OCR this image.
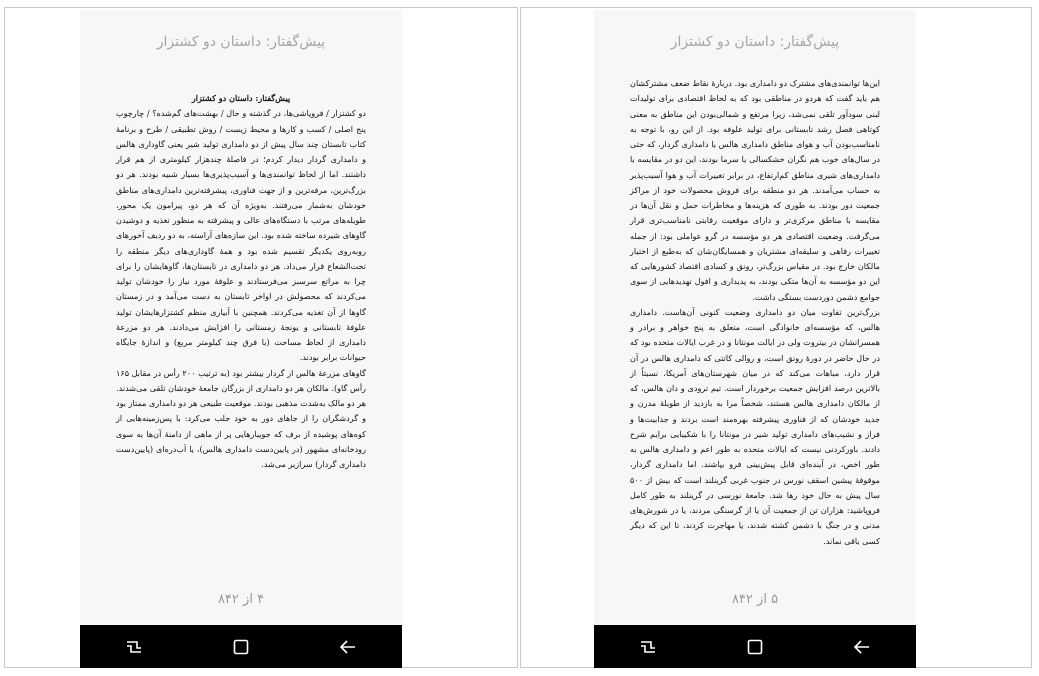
پیش‌گفتار: داستان دو کشتزار
پیش‌گفتار: داستان دو کشتزار

دو کشتزار / فروپاشی‌ها، در گذشته و حال / بهشت‌های گم‌شده؟ / چارچوب پنج اصلی / کسب و کارها و محیط زیست / روش تطبیقی / طرح و برنامهٔ کتاب تابستان چند سال پیش از دو دامداری تولید شیر یعنی گاوداری هالس و دامداری گردار دیدار کردم؛ در فاصلهٔ چندهزار کیلومتری از هم قرار داشتند. اما از لحاظ توانمندی‌ها و آسیب‌پذیری‌ها بسیار شبیه بودند. هر دو بزرگ‌ترین، مرفه‌ترین و از جهت فناوری، پیشرفته‌ترین دامداری‌های مناطق خودشان به‌شمار می‌رفتند. به‌ویژه آن که هر دو، پیرامون یک محور، طویله‌های مرتب با دستگاه‌های عالی و پیشرفته به منظور تغذیه و دوشیدن گاوهای شیرده ساخته شده بود. این سازه‌های آراسته، به دو ردیف آخورهای روبه‌روی یکدیگر تقسیم شده بود و همهٔ گاوداری‌های دیگر منطقه را تحت‌الشعاع قرار می‌داد. هر دو دامداری در تابستان‌ها، گاوهایشان را برای چرا به مراتع سرسبز می‌فرستادند و علوفهٔ مورد نیاز را خودشان تولید می‌کردند که محصولش در اواخر تابستان به دست می‌آمد و در زمستان گاوها از آن تغذیه می‌کردند. همچنین با آبیاری منظم کشتزارهایشان تولید علوفهٔ تابستانی و یونجهٔ زمستانی را افزایش می‌دادند. هر دو مزرعهٔ دامداری از لحاظ مساحت (با فرق چند کیلومتر مربع) و اندازهٔ جایگاه حیوانات برابر بودند.

گاوهای مزرعهٔ هالس از گردار بیشتر بود (به ترتیب ۲۰۰ رأس در مقابل ۱۶۵ رأس گاو). مالکان هر دو دامداری از بزرگان جامعهٔ خودشان تلقی می‌شدند. هر دو مالک به‌شدت مذهبی بودند. موقعیت طبیعی هر دو دامداری ممتاز بود و گردشگران را از جاهای دور به خود جلب می‌کرد: با پس‌زمینه‌هایی از کوه‌های پوشیده از برف که جویبارهایی پر از ماهی از دامنهٔ آن‌ها به سوی رودخانه‌ای مشهور (در پایین‌دست دامداری هالس)، یا آب‌دره‌ای (پایین‌دست دامداری گردار) سرازیر می‌شد.

۴ از ۸۴۲
پیش‌گفتار: داستان دو کشتزار

این‌ها توانمندی‌های مشترک دو دامداری بود. دربارهٔ نقاط ضعف مشترکشان هم باید گفت که هردو در مناطقی بود که به لحاظ اقتصادی برای تولیدات لبنی سودآور تلقی نمی‌شد، زیرا مرتفع و شمالی‌بودن این مناطق به معنی کوتاهی فصل رشد تابستانی برای تولید علوفه بود. از این رو، با توجه به نامناسب‌بودن آب و هوای مناطق دامداری هالس یا دامداری گردار، که حتی در سال‌های خوب هم نگران خشکسالی یا سرما بودند، این دو در مقایسه با دامداری‌های شیری مناطق کم‌ارتفاع، در برابر تغییرات آب و هوا آسیب‌پذیر به حساب می‌آمدند. هر دو منطقه برای فروش محصولات خود از مراکز جمعیت دور بودند. به طوری که هزینه‌ها و مخاطرات حمل و نقل آن‌ها در مقایسه با مناطق مرکزی‌تر و دارای موقعیت رقابتی نامناسب‌تری قرار می‌گرفت. وضعیت اقتصادی هر دو مؤسسه در گرو عواملی بود: از جمله تغییرات رفاهی و سلیقه‌ای مشتریان و همسایگان‌شان که به‌طبع از اختیار مالکان خارج بود. در مقیاس بزرگ‌تر، رونق و کسادی اقتصاد کشورهایی که این دو مؤسسه به آن‌ها متکی بودند، به پدیداری و افول تهدیدهایی از سوی جوامع دشمن دوردست بستگی داشت.

بزرگ‌ترین تفاوت میان دو دامداری وضعیت کنونی آن‌هاست. دامداری هالس، که مؤسسه‌ای خانوادگی است، متعلق به پنج خواهر و برادر و همسرانشان در بیتروت ولی در ایالت مونتانا و در غرب ایالات متحده بود که در حال حاضر در دورهٔ رونق است، و روالی کاتتی که دامداری هالس در آن قرار دارد، مباهات می‌کند که در میان شهرستان‌های آمریکا، نسبتاً از بالاترین درصد افزایش جمعیت برخوردار است. تیم ترودی و دان هالس، که از مالکان دامداری هالس هستند، شخصاً مرا به بازدید از طویلهٔ مدرن و جدید خودشان که از فناوری پیشرفته بهره‌مند است بردند و جذابیت‌ها و فراز و نشیب‌های دامداری تولید شیر در مونتانا را با شکیبایی برایم شرح دادند. باورکردنی نیست که ایالات متحده به طور اعم و دامداری هالس به طور اخص، در آینده‌ای قابل پیش‌بینی فرو بپاشند. اما دامداری گردار، موقوفهٔ پیشین اسقف نورس در جنوب غربی گرینلند است که بیش از ۵۰۰ سال پیش به حال خود رها شد. جامعهٔ نورسی در گرینلند به طور کامل فروپاشید: هزاران تن از جمعیت آن یا از گرسنگی مردند، یا در شورش‌های مدنی و در جنگ با دشمن کشته شدند، یا مهاجرت کردند، تا این که دیگر کسی باقی نماند.

۵ از ۸۴۲
